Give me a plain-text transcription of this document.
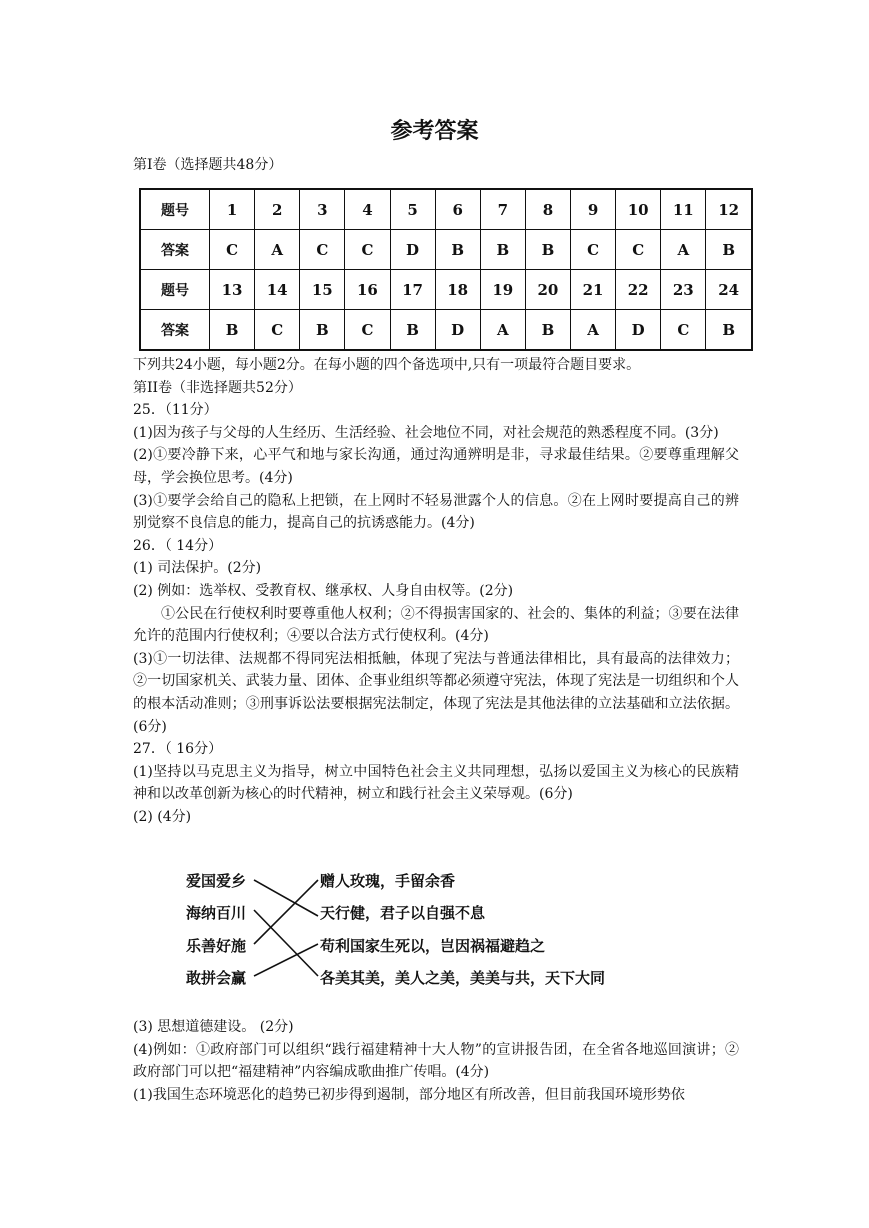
参考答案
第I卷（选择题共48分）
题号	1	2	3	4	5	6	7	8	9	10	11	12
答案	C	A	C	C	D	B	B	B	C	C	A	B
题号	13	14	15	16	17	18	19	20	21	22	23	24
答案	B	C	B	C	B	D	A	B	A	D	C	B

下列共24小题，每小题2分。在每小题的四个备选项中,只有一项最符合题目要求。

第II卷（非选择题共52分）

25．（11分）

(1)因为孩子与父母的人生经历、生活经验、社会地位不同，对社会规范的熟悉程度不同。(3分)

(2)①要冷静下来，心平气和地与家长沟通，通过沟通辨明是非，寻求最佳结果。②要尊重理解父母，学会换位思考。(4分)

(3)①要学会给自己的隐私上把锁，在上网时不轻易泄露个人的信息。②在上网时要提高自己的辨别觉察不良信息的能力，提高自己的抗诱惑能力。(4分)

26．（ 14分）

(1) 司法保护。(2分)

(2) 例如：选举权、受教育权、继承权、人身自由权等。(2分)

①公民在行使权利时要尊重他人权利；②不得损害国家的、社会的、集体的利益；③要在法律允许的范围内行使权利；④要以合法方式行使权利。(4分)

(3)①一切法律、法规都不得同宪法相抵触，体现了宪法与普通法律相比，具有最高的法律效力；②一切国家机关、武装力量、团体、企事业组织等都必须遵守宪法，体现了宪法是一切组织和个人的根本活动准则；③刑事诉讼法要根据宪法制定，体现了宪法是其他法律的立法基础和立法依据。(6分)

27．（ 16分）

(1)坚持以马克思主义为指导，树立中国特色社会主义共同理想，弘扬以爱国主义为核心的民族精神和以改革创新为核心的时代精神，树立和践行社会主义荣辱观。(6分)

(2) (4分)

爱国爱乡
海纳百川
乐善好施
敢拼会赢
赠人玫瑰，手留余香
天行健，君子以自强不息
苟利国家生死以，岂因祸福避趋之
各美其美，美人之美，美美与共，天下大同

(3) 思想道德建设。 (2分)

(4)例如：①政府部门可以组织“践行福建精神十大人物”的宣讲报告团，在全省各地巡回演讲；②政府部门可以把“福建精神”内容编成歌曲推广传唱。(4分)

(1)我国生态环境恶化的趋势已初步得到遏制，部分地区有所改善，但目前我国环境形势依
